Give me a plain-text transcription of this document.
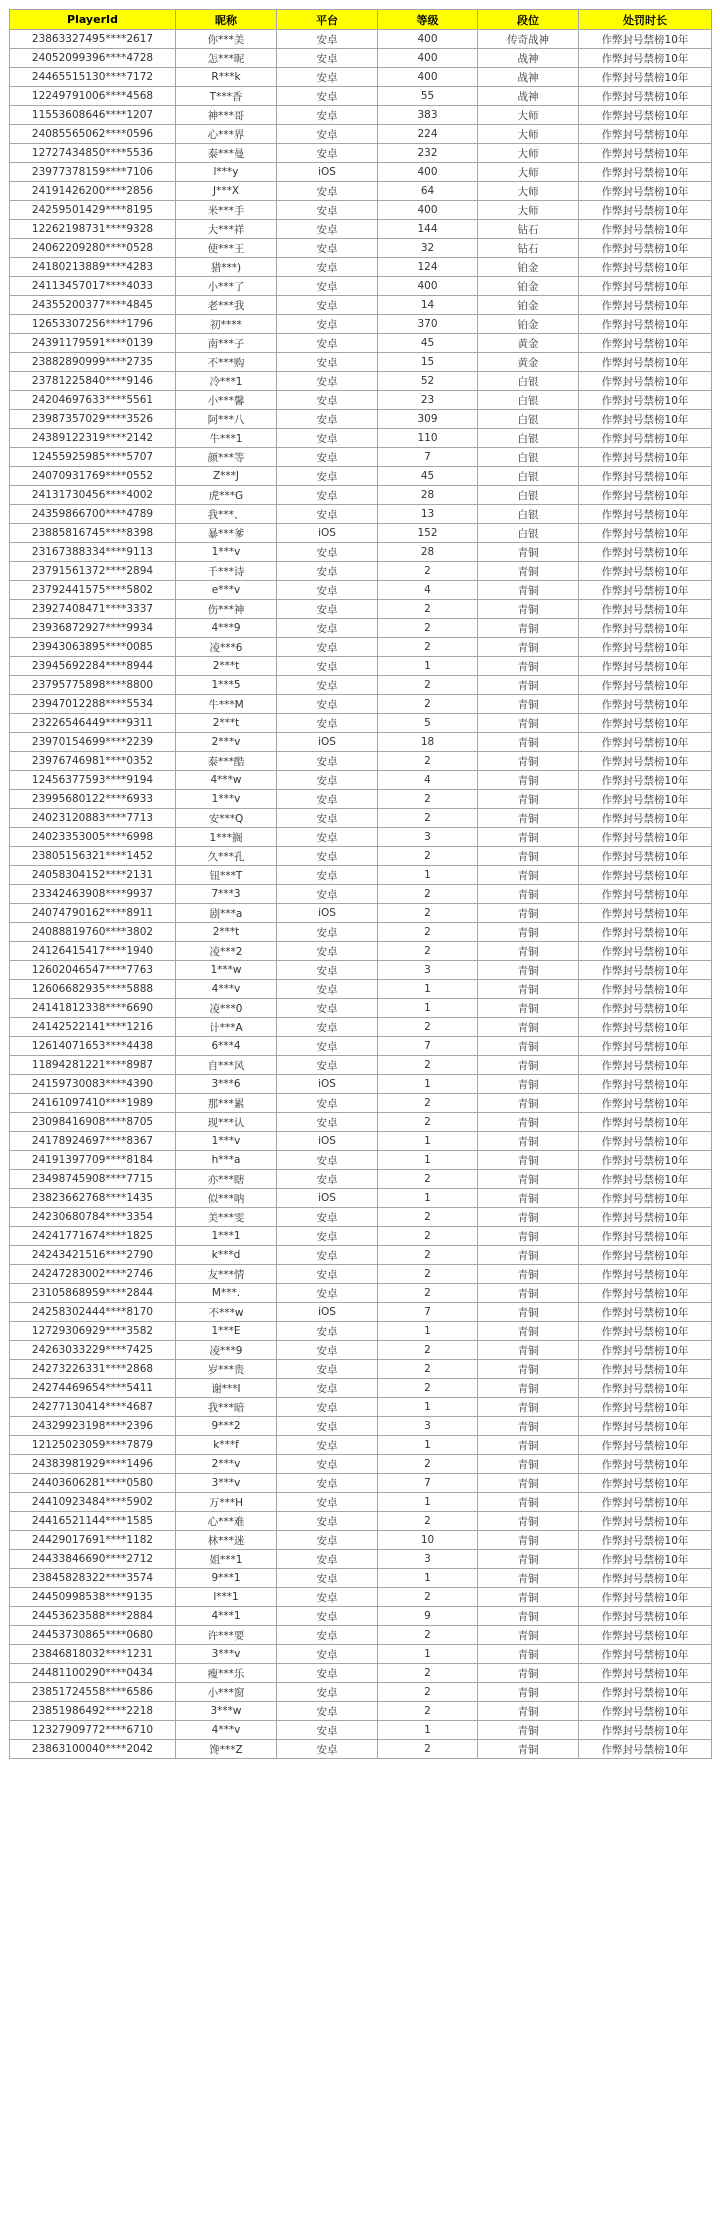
PlayerId	昵称	平台	等级	段位	处罚时长
23863327495****2617	你***美	安卓	400	传奇战神	作弊封号禁榜10年
24052099396****4728	怎***昵	安卓	400	战神	作弊封号禁榜10年
24465515130****7172	R***k	安卓	400	战神	作弊封号禁榜10年
12249791006****4568	T***香	安卓	55	战神	作弊封号禁榜10年
11553608646****1207	神***哥	安卓	383	大师	作弊封号禁榜10年
24085565062****0596	心***界	安卓	224	大师	作弊封号禁榜10年
12727434850****5536	泰***曼	安卓	232	大师	作弊封号禁榜10年
23977378159****7106	l***y	iOS	400	大师	作弊封号禁榜10年
24191426200****2856	J***X	安卓	64	大师	作弊封号禁榜10年
24259501429****8195	米***手	安卓	400	大师	作弊封号禁榜10年
12262198731****9328	大***祥	安卓	144	钻石	作弊封号禁榜10年
24062209280****0528	使***王	安卓	32	钻石	作弊封号禁榜10年
24180213889****4283	猎***)	安卓	124	铂金	作弊封号禁榜10年
24113457017****4033	小***了	安卓	400	铂金	作弊封号禁榜10年
24355200377****4845	老***我	安卓	14	铂金	作弊封号禁榜10年
12653307256****1796	初****	安卓	370	铂金	作弊封号禁榜10年
24391179591****0139	南***子	安卓	45	黄金	作弊封号禁榜10年
23882890999****2735	不***购	安卓	15	黄金	作弊封号禁榜10年
23781225840****9146	冷***1	安卓	52	白银	作弊封号禁榜10年
24204697633****5561	小***馨	安卓	23	白银	作弊封号禁榜10年
23987357029****3526	阿***八	安卓	309	白银	作弊封号禁榜10年
24389122319****2142	牛***1	安卓	110	白银	作弊封号禁榜10年
12455925985****5707	颜***等	安卓	7	白银	作弊封号禁榜10年
24070931769****0552	Z***J	安卓	45	白银	作弊封号禁榜10年
24131730456****4002	虎***G	安卓	28	白银	作弊封号禁榜10年
24359866700****4789	我***、	安卓	13	白银	作弊封号禁榜10年
23885816745****8398	暴***爹	iOS	152	白银	作弊封号禁榜10年
23167388334****9113	1***v	安卓	28	青铜	作弊封号禁榜10年
23791561372****2894	千***诗	安卓	2	青铜	作弊封号禁榜10年
23792441575****5802	e***v	安卓	4	青铜	作弊封号禁榜10年
23927408471****3337	伤***神	安卓	2	青铜	作弊封号禁榜10年
23936872927****9934	4***9	安卓	2	青铜	作弊封号禁榜10年
23943063895****0085	凌***6	安卓	2	青铜	作弊封号禁榜10年
23945692284****8944	2***t	安卓	1	青铜	作弊封号禁榜10年
23795775898****8800	1***5	安卓	2	青铜	作弊封号禁榜10年
23947012288****5534	牛***M	安卓	2	青铜	作弊封号禁榜10年
23226546449****9311	2***t	安卓	5	青铜	作弊封号禁榜10年
23970154699****2239	2***v	iOS	18	青铜	作弊封号禁榜10年
23976746981****0352	泰***酷	安卓	2	青铜	作弊封号禁榜10年
12456377593****9194	4***w	安卓	4	青铜	作弊封号禁榜10年
23995680122****6933	1***v	安卓	2	青铜	作弊封号禁榜10年
24023120883****7713	安***Q	安卓	2	青铜	作弊封号禁榜10年
24023353005****6998	1***搁	安卓	3	青铜	作弊封号禁榜10年
23805156321****1452	久***孔	安卓	2	青铜	作弊封号禁榜10年
24058304152****2131	钮***T	安卓	1	青铜	作弊封号禁榜10年
23342463908****9937	7***3	安卓	2	青铜	作弊封号禁榜10年
24074790162****8911	剧***a	iOS	2	青铜	作弊封号禁榜10年
24088819760****3802	2***t	安卓	2	青铜	作弊封号禁榜10年
24126415417****1940	凌***2	安卓	2	青铜	作弊封号禁榜10年
12602046547****7763	1***w	安卓	3	青铜	作弊封号禁榜10年
12606682935****5888	4***v	安卓	1	青铜	作弊封号禁榜10年
24141812338****6690	凌***0	安卓	1	青铜	作弊封号禁榜10年
24142522141****1216	计***A	安卓	2	青铜	作弊封号禁榜10年
12614071653****4438	6***4	安卓	7	青铜	作弊封号禁榜10年
11894281221****8987	自***风	安卓	2	青铜	作弊封号禁榜10年
24159730083****4390	3***6	iOS	1	青铜	作弊封号禁榜10年
24161097410****1989	那***累	安卓	2	青铜	作弊封号禁榜10年
23098416908****8705	现***认	安卓	2	青铜	作弊封号禁榜10年
24178924697****8367	1***v	iOS	1	青铜	作弊封号禁榜10年
24191397709****8184	h***a	安卓	1	青铜	作弊封号禁榜10年
23498745908****7715	亦***瞎	安卓	2	青铜	作弊封号禁榜10年
23823662768****1435	似***呐	iOS	1	青铜	作弊封号禁榜10年
24230680784****3354	美***雯	安卓	2	青铜	作弊封号禁榜10年
24241771674****1825	1***1	安卓	2	青铜	作弊封号禁榜10年
24243421516****2790	k***d	安卓	2	青铜	作弊封号禁榜10年
24247283002****2746	友***情	安卓	2	青铜	作弊封号禁榜10年
23105868959****2844	M***.	安卓	2	青铜	作弊封号禁榜10年
24258302444****8170	不***w	iOS	7	青铜	作弊封号禁榜10年
12729306929****3582	1***E	安卓	1	青铜	作弊封号禁榜10年
24263033229****7425	凌***9	安卓	2	青铜	作弊封号禁榜10年
24273226331****2868	岁***贵	安卓	2	青铜	作弊封号禁榜10年
24274469654****5411	谢***I	安卓	2	青铜	作弊封号禁榜10年
24277130414****4687	我***暗	安卓	1	青铜	作弊封号禁榜10年
24329923198****2396	9***2	安卓	3	青铜	作弊封号禁榜10年
12125023059****7879	k***f	安卓	1	青铜	作弊封号禁榜10年
24383981929****1496	2***v	安卓	2	青铜	作弊封号禁榜10年
24403606281****0580	3***v	安卓	7	青铜	作弊封号禁榜10年
24410923484****5902	万***H	安卓	1	青铜	作弊封号禁榜10年
24416521144****1585	心***难	安卓	2	青铜	作弊封号禁榜10年
24429017691****1182	林***迷	安卓	10	青铜	作弊封号禁榜10年
24433846690****2712	姐***1	安卓	3	青铜	作弊封号禁榜10年
23845828322****3574	9***1	安卓	1	青铜	作弊封号禁榜10年
24450998538****9135	l***1	安卓	2	青铜	作弊封号禁榜10年
24453623588****2884	4***1	安卓	9	青铜	作弊封号禁榜10年
24453730865****0680	许***要	安卓	2	青铜	作弊封号禁榜10年
23846818032****1231	3***v	安卓	1	青铜	作弊封号禁榜10年
24481100290****0434	瘦***乐	安卓	2	青铜	作弊封号禁榜10年
23851724558****6586	小***窗	安卓	2	青铜	作弊封号禁榜10年
23851986492****2218	3***w	安卓	2	青铜	作弊封号禁榜10年
12327909772****6710	4***v	安卓	1	青铜	作弊封号禁榜10年
23863100040****2042	馋***Z	安卓	2	青铜	作弊封号禁榜10年
